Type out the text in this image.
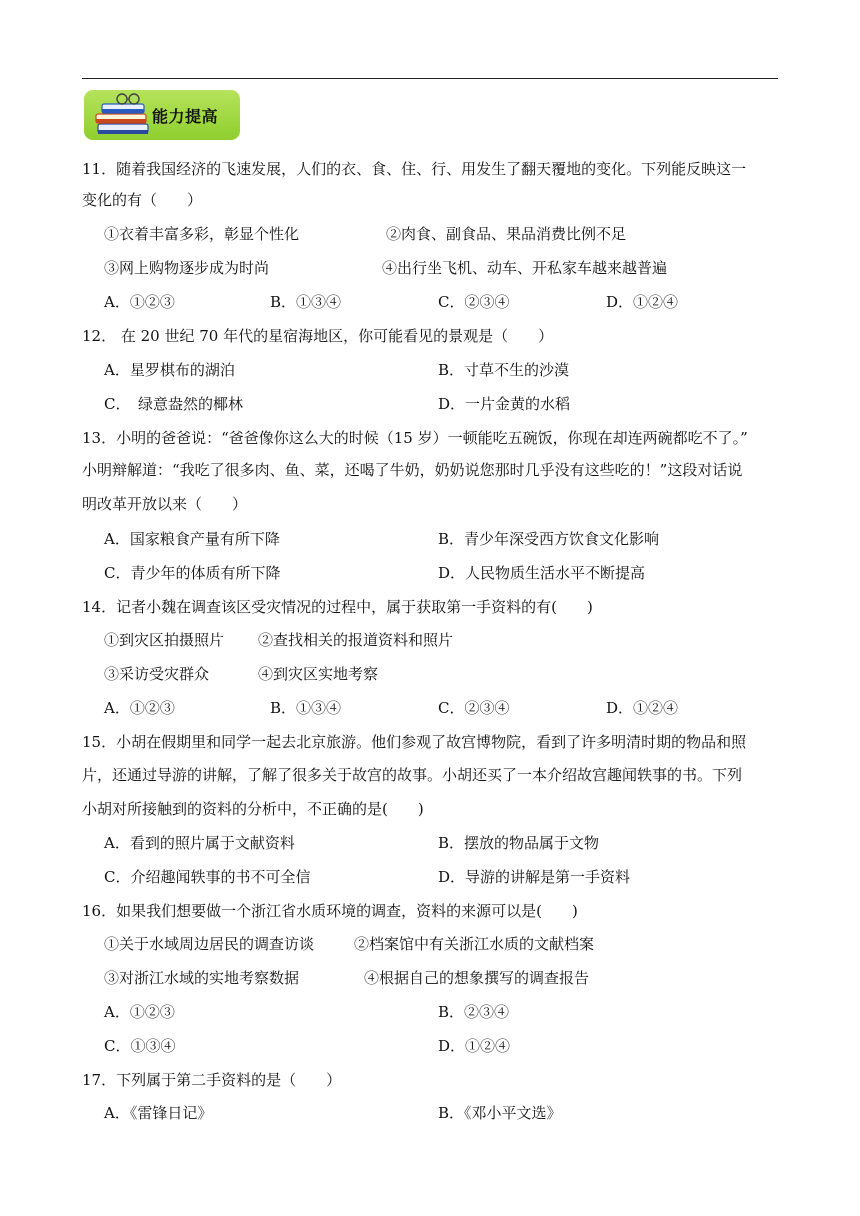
能力提高
11．随着我国经济的飞速发展，人们的衣、食、住、行、用发生了翻天覆地的变化。下列能反映这一
变化的有（　　）
①衣着丰富多彩，彰显个性化	②肉食、副食品、果品消费比例不足
③网上购物逐步成为时尚	④出行坐飞机、动车、开私家车越来越普遍
A．①②③	B．①③④	C．②③④	D．①②④
12． 在 20 世纪 70 年代的星宿海地区，你可能看见的景观是（　　）
A．星罗棋布的湖泊	B．寸草不生的沙漠
C．　绿意盎然的椰林	D．一片金黄的水稻
13．小明的爸爸说：“爸爸像你这么大的时候（15 岁）一顿能吃五碗饭，你现在却连两碗都吃不了。”
小明辩解道：“我吃了很多肉、鱼、菜，还喝了牛奶，奶奶说您那时几乎没有这些吃的！”这段对话说
明改革开放以来（　　）
A．国家粮食产量有所下降	B．青少年深受西方饮食文化影响
C．青少年的体质有所下降	D．人民物质生活水平不断提高
14．记者小魏在调查该区受灾情况的过程中，属于获取第一手资料的有(　　)
①到灾区拍摄照片 ②查找相关的报道资料和照片
③采访受灾群众	④到灾区实地考察
A．①②③	B．①③④	C．②③④	D．①②④
15．小胡在假期里和同学一起去北京旅游。他们参观了故宫博物院，看到了许多明清时期的物品和照
片，还通过导游的讲解，了解了很多关于故宫的故事。小胡还买了一本介绍故宫趣闻轶事的书。下列
小胡对所接触到的资料的分析中，不正确的是(　　)
A．看到的照片属于文献资料	B．摆放的物品属于文物
C．介绍趣闻轶事的书不可全信	D．导游的讲解是第一手资料
16．如果我们想要做一个浙江省水质环境的调查，资料的来源可以是(　　)
①关于水域周边居民的调查访谈	②档案馆中有关浙江水质的文献档案
③对浙江水域的实地考察数据	④根据自己的想象撰写的调查报告
A．①②③	B．②③④
C．①③④	D．①②④
17．下列属于第二手资料的是（　　）
A．《雷锋日记》	B．《邓小平文选》
